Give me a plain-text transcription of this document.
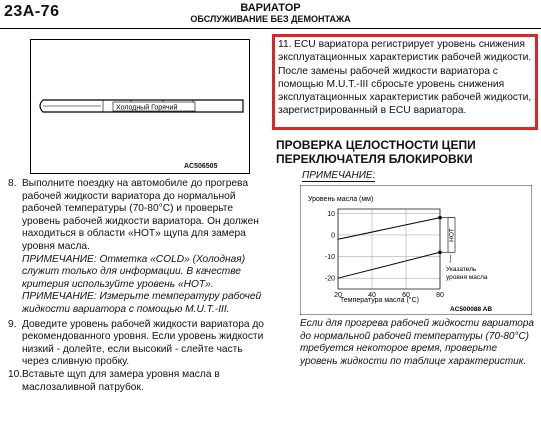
23A-76	ВАРИАТОР
ОБСЛУЖИВАНИЕ БЕЗ ДЕМОНТАЖА
Холодный Горячий
AC506505
11. ECU вариатора регистрирует уровень снижения эксплуатационных характеристик рабочей жидкости. После замены рабочей жидкости вариатора с помощью M.U.T.-III сбросьте уровень снижения эксплуатационных характеристик рабочей жидкости, зарегистрированный в ECU вариатора.
ПРОВЕРКА ЦЕЛОСТНОСТИ ЦЕПИ ПЕРЕКЛЮЧАТЕЛЯ БЛОКИРОВКИ
ПРИМЕЧАНИЕ:
Уровень масла (мм)
Температура масла (°C)
AC500088 AB
20	40	60	80
10
0
-10
-20
HOT
Указатель уровня масла
Если для прогрева рабочей жидкости вариатора до нормальной рабочей температуры (70-80°C) требуется некоторое время, проверьте уровень жидкости по таблице характеристик.

8. Выполните поездку на автомобиле до прогрева рабочей жидкости вариатора до нормальной рабочей температуры (70-80°C) и проверьте уровень рабочей жидкости вариатора. Он должен находиться в области «HOT» щупа для замера уровня масла.

ПРИМЕЧАНИЕ: Отметка «COLD» (Холодная) служит только для информации. В качестве критерия используйте уровень «HOT».

ПРИМЕЧАНИЕ: Измерьте температуру рабочей жидкости вариатора с помощью M.U.T.-III.

9. Доведите уровень рабочей жидкости вариатора до рекомендованного уровня. Если уровень жидкости низкий - долейте, если высокий - слейте часть через сливную пробку.

10. Вставьте щуп для замера уровня масла в маслозаливной патрубок.
